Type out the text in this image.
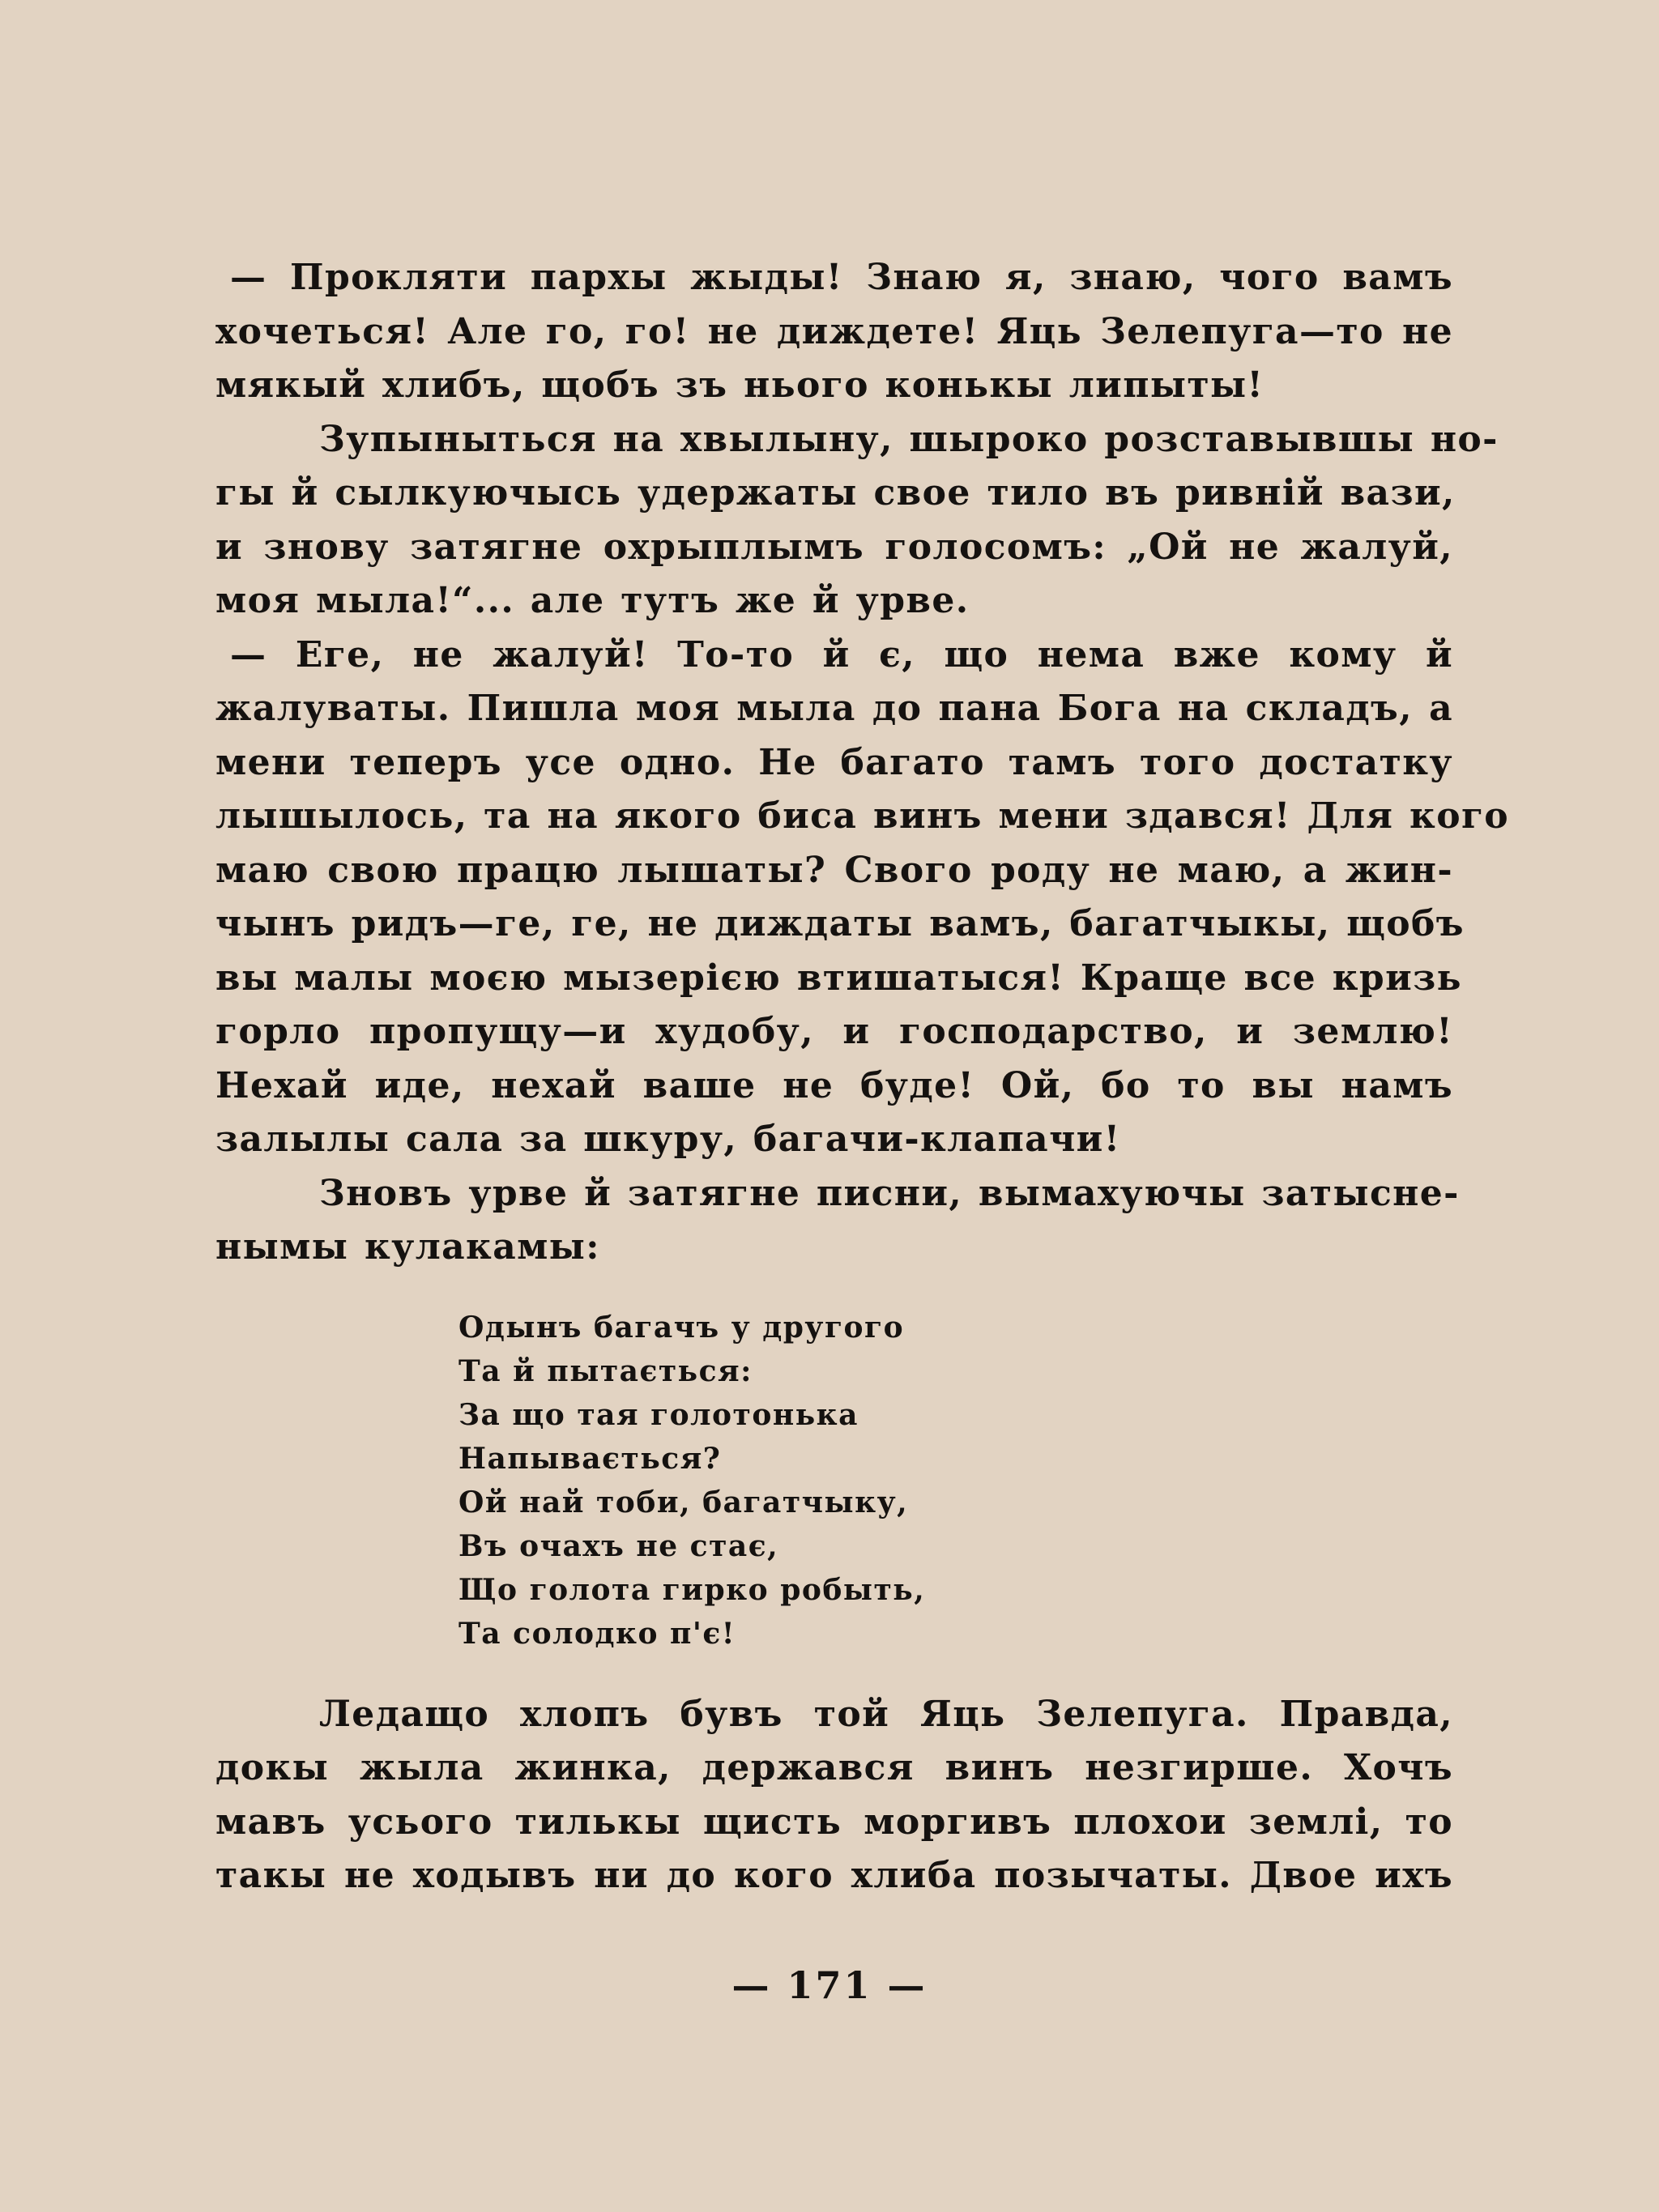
— Прокляти пархы жыды! Знаю я, знаю, чого вамъ
хочеться! Але го, го! не диждете! Яць Зелепуга—то не
мякый хлибъ, щобъ зъ нього конькы липыты!

Зупыныться на хвылыну, шыроко розставывшы но-
гы й сылкуючысь удержаты свое тило въ ривній вази,
и знову затягне охрыплымъ голосомъ: „Ой не жалуй,
моя мыла!“... але тутъ же й урве.

— Еге, не жалуй! То-то й є, що нема вже кому й
жалуваты. Пишла моя мыла до пана Бога на складъ, а
мени теперъ усе одно. Не багато тамъ того достатку
лышылось, та на якого биса винъ мени здався! Для кого
маю свою працю лышаты? Свого роду не маю, а жин-
чынъ ридъ—ге, ге, не диждаты вамъ, багатчыкы, щобъ
вы малы моєю мызерією втишатыся! Краще все кризь
горло пропущу—и худобу, и господарство, и землю!
Нехай иде, нехай ваше не буде! Ой, бо то вы намъ
залылы сала за шкуру, багачи-клапачи!

Зновъ урве й затягне писни, вымахуючы затысне-
нымы кулакамы:

Одынъ багачъ у другого
Та й пытається:
За що тая голотонька
Напывається?
Ой най тоби, багатчыку,
Въ очахъ не стає,
Що голота гирко робыть,
Та солодко п'є!

Ледащо хлопъ бувъ той Яць Зелепуга. Правда,
докы жыла жинка, державcя винъ незгирше. Хочъ
мавъ усього тилькы щисть моргивъ плохои землі, то
такы не ходывъ ни до кого хлиба позычаты. Двое ихъ

— 171 —
